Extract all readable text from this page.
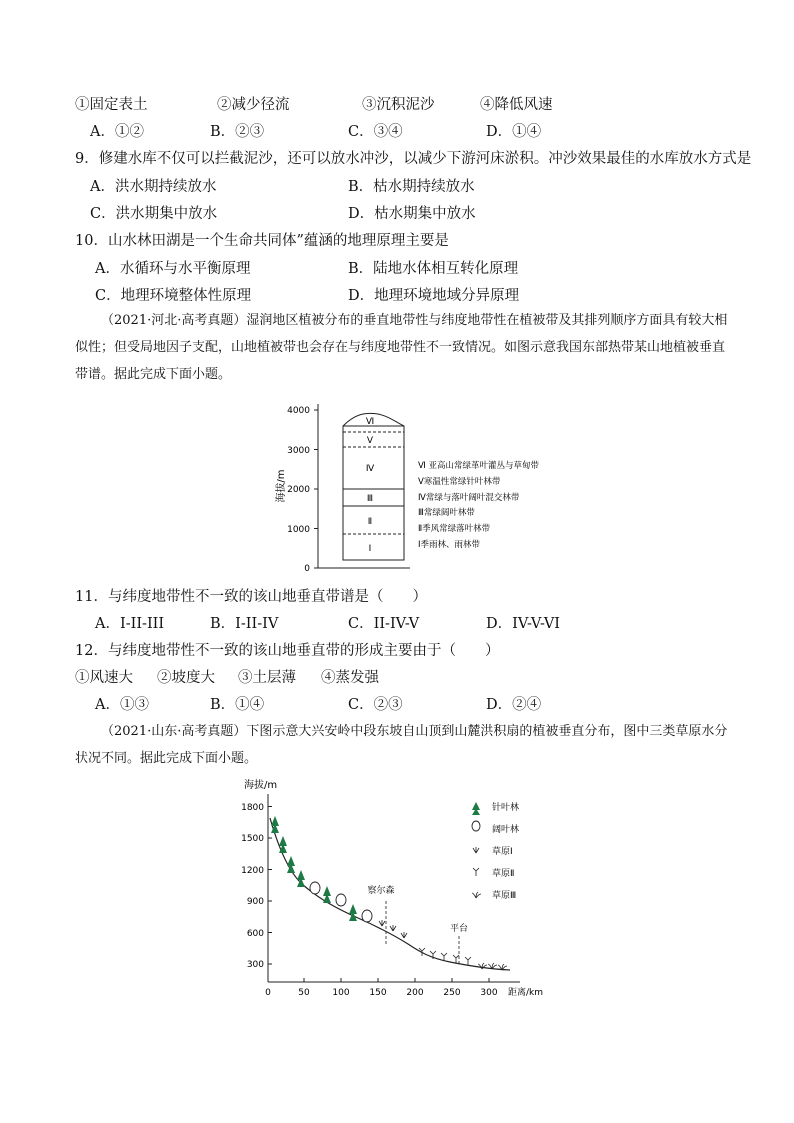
①固定表土	②减少径流	③沉积泥沙	④降低风速
A．①②	B．②③	C．③④	D．①④
9．修建水库不仅可以拦截泥沙，还可以放水冲沙，以减少下游河床淤积。冲沙效果最佳的水库放水方式是
A．洪水期持续放水	B．枯水期持续放水
C．洪水期集中放水	D．枯水期集中放水
10．山水林田湖是一个生命共同体”蕴涵的地理原理主要是
A．水循环与水平衡原理	B．陆地水体相互转化原理
C．地理环境整体性原理	D．地理环境地域分异原理

（2021·河北·高考真题）湿润地区植被分布的垂直地带性与纬度地带性在植被带及其排列顺序方面具有较大相似性；但受局地因子支配，山地植被带也会存在与纬度地带性不一致情况。如图示意我国东部热带某山地植被垂直带谱。据此完成下面小题。

0
1000
2000
3000
4000
海拔/m
Ⅵ
Ⅴ
Ⅳ
Ⅲ
Ⅱ
Ⅰ
Ⅵ 亚高山常绿革叶灌丛与草甸带
Ⅴ寒温性常绿针叶林带
Ⅳ常绿与落叶阔叶混交林带
Ⅲ常绿阔叶林带
Ⅱ季风常绿落叶林带
Ⅰ季雨林、雨林带
11．与纬度地带性不一致的该山地垂直带谱是（　　）
A．I-II-III	B．I-II-IV	C．II-IV-V	D．IV-V-VI
12．与纬度地带性不一致的该山地垂直带的形成主要由于（　　）
①风速大 ②坡度大 ③土层薄 ④蒸发强
A．①③	B．①④	C．②③	D．②④

（2021·山东·高考真题）下图示意大兴安岭中段东坡自山顶到山麓洪积扇的植被垂直分布，图中三类草原水分状况不同。据此完成下面小题。

海拔/m
300
600
900
1200
1500
1800
0	50	100 150 200 250 300 距离/km
察尔森
平台
针叶林
阔叶林
草原Ⅰ
草原Ⅱ
草原Ⅲ
